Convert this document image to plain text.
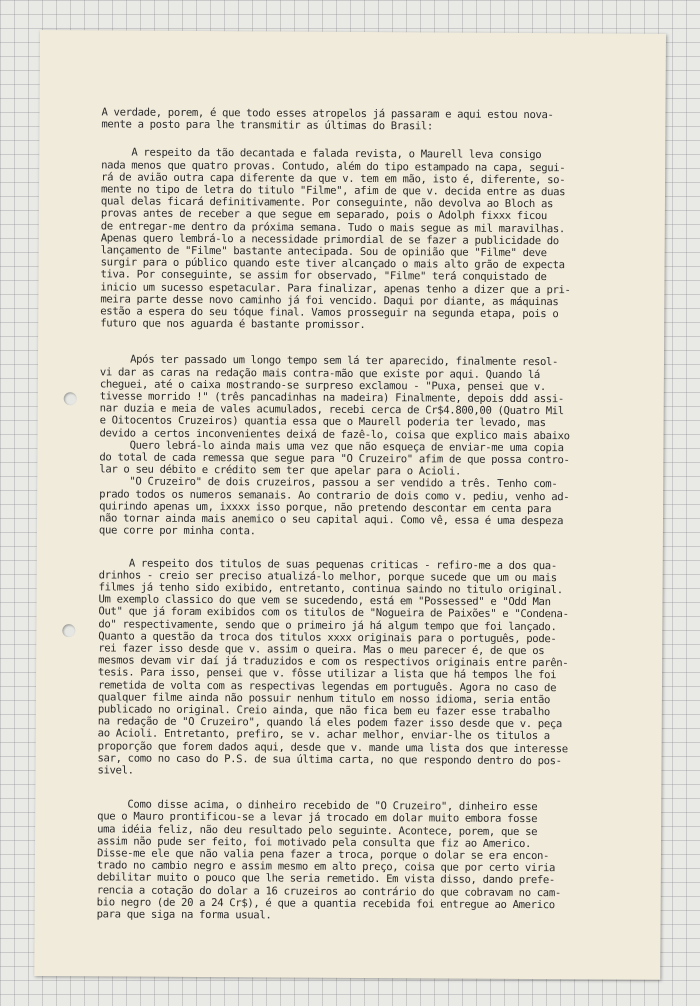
A verdade, porem, é que todo esses atropelos já passaram e aqui estou nova-
mente a posto para lhe transmitir as últimas do Brasil:
A respeito da tão decantada e falada revista, o Maurell leva consigo
nada menos que quatro provas. Contudo, além do tipo estampado na capa, segui-
rá de avião outra capa diferente da que v. tem em mão, isto é, diferente, so-
mente no tipo de letra do titulo "Filme", afim de que v. decida entre as duas
qual delas ficará definitivamente. Por conseguinte, não devolva ao Bloch as
provas antes de receber a que segue em separado, pois o Adolph fixxx ficou
de entregar-me dentro da próxima semana. Tudo o mais segue as mil maravilhas.
Apenas quero lembrá-lo a necessidade primordial de se fazer a publicidade do
lançamento de "Filme" bastante antecipada. Sou de opinião que "Filme" deve
surgir para o público quando este tiver alcançado o mais alto grão de expecta
tiva. Por conseguinte, se assim for observado, "Filme" terá conquistado de
inicio um sucesso espetacular. Para finalizar, apenas tenho a dizer que a pri-
meira parte desse novo caminho já foi vencido. Daqui por diante, as máquinas
estão a espera do seu tóque final. Vamos prosseguir na segunda etapa, pois o
futuro que nos aguarda é bastante promissor.
Após ter passado um longo tempo sem lá ter aparecido, finalmente resol-
vi dar as caras na redação mais contra-mão que existe por aqui. Quando lá
cheguei, até o caixa mostrando-se surpreso exclamou - "Puxa, pensei que v.
tivesse morrido !" (três pancadinhas na madeira) Finalmente, depois ddd assi-
nar duzia e meia de vales acumulados, recebi cerca de Cr$4.800,00 (Quatro Mil
e Oitocentos Cruzeiros) quantia essa que o Maurell poderia ter levado, mas
devido a certos inconvenientes deixá de fazê-lo, coisa que explico mais abaixo
Quero lebrá-lo ainda mais uma vez que não esqueça de enviar-me uma copia
do total de cada remessa que segue para "O Cruzeiro" afim de que possa contro-
lar o seu débito e crédito sem ter que apelar para o Acioli.
"O Cruzeiro" de dois cruzeiros, passou a ser vendido a três. Tenho com-
prado todos os numeros semanais. Ao contrario de dois como v. pediu, venho ad-
quirindo apenas um, ixxxx isso porque, não pretendo descontar em centa para
não tornar ainda mais anemico o seu capital aqui. Como vê, essa é uma despeza
que corre por minha conta.
A respeito dos titulos de suas pequenas criticas - refiro-me a dos qua-
drinhos - creio ser preciso atualizá-lo melhor, porque sucede que um ou mais
filmes já tenho sido exibido, entretanto, continua saindo no titulo original.
Um exemplo classico do que vem se sucedendo, está em "Possessed" e "Odd Man
Out" que já foram exibidos com os titulos de "Nogueira de Paixões" e "Condena-
do" respectivamente, sendo que o primeiro já há algum tempo que foi lançado.
Quanto a questão da troca dos titulos xxxx originais para o português, pode-
rei fazer isso desde que v. assim o queira. Mas o meu parecer é, de que os
mesmos devam vir daí já traduzidos e com os respectivos originais entre parên-
tesis. Para isso, pensei que v. fôsse utilizar a lista que há tempos lhe foi
remetida de volta com as respectivas legendas em português. Agora no caso de
qualquer filme ainda não possuir nenhum titulo em nosso idioma, seria então
publicado no original. Creio ainda, que não fica bem eu fazer esse trabalho
na redação de "O Cruzeiro", quando lá eles podem fazer isso desde que v. peça
ao Acioli. Entretanto, prefiro, se v. achar melhor, enviar-lhe os titulos a
proporção que forem dados aqui, desde que v. mande uma lista dos que interesse
sar, como no caso do P.S. de sua última carta, no que respondo dentro do pos-
sivel.
Como disse acima, o dinheiro recebido de "O Cruzeiro", dinheiro esse
que o Mauro prontificou-se a levar já trocado em dolar muito embora fosse
uma idéia feliz, não deu resultado pelo seguinte. Acontece, porem, que se
assim não pude ser feito, foi motivado pela consulta que fiz ao Americo.
Disse-me ele que não valia pena fazer a troca, porque o dolar se era encon-
trado no cambio negro e assim mesmo em alto preço, coisa que por certo viria
debilitar muito o pouco que lhe seria remetido. Em vista disso, dando prefe-
rencia a cotação do dolar a 16 cruzeiros ao contrário do que cobravam no cam-
bio negro (de 20 a 24 Cr$), é que a quantia recebida foi entregue ao Americo
para que siga na forma usual.
